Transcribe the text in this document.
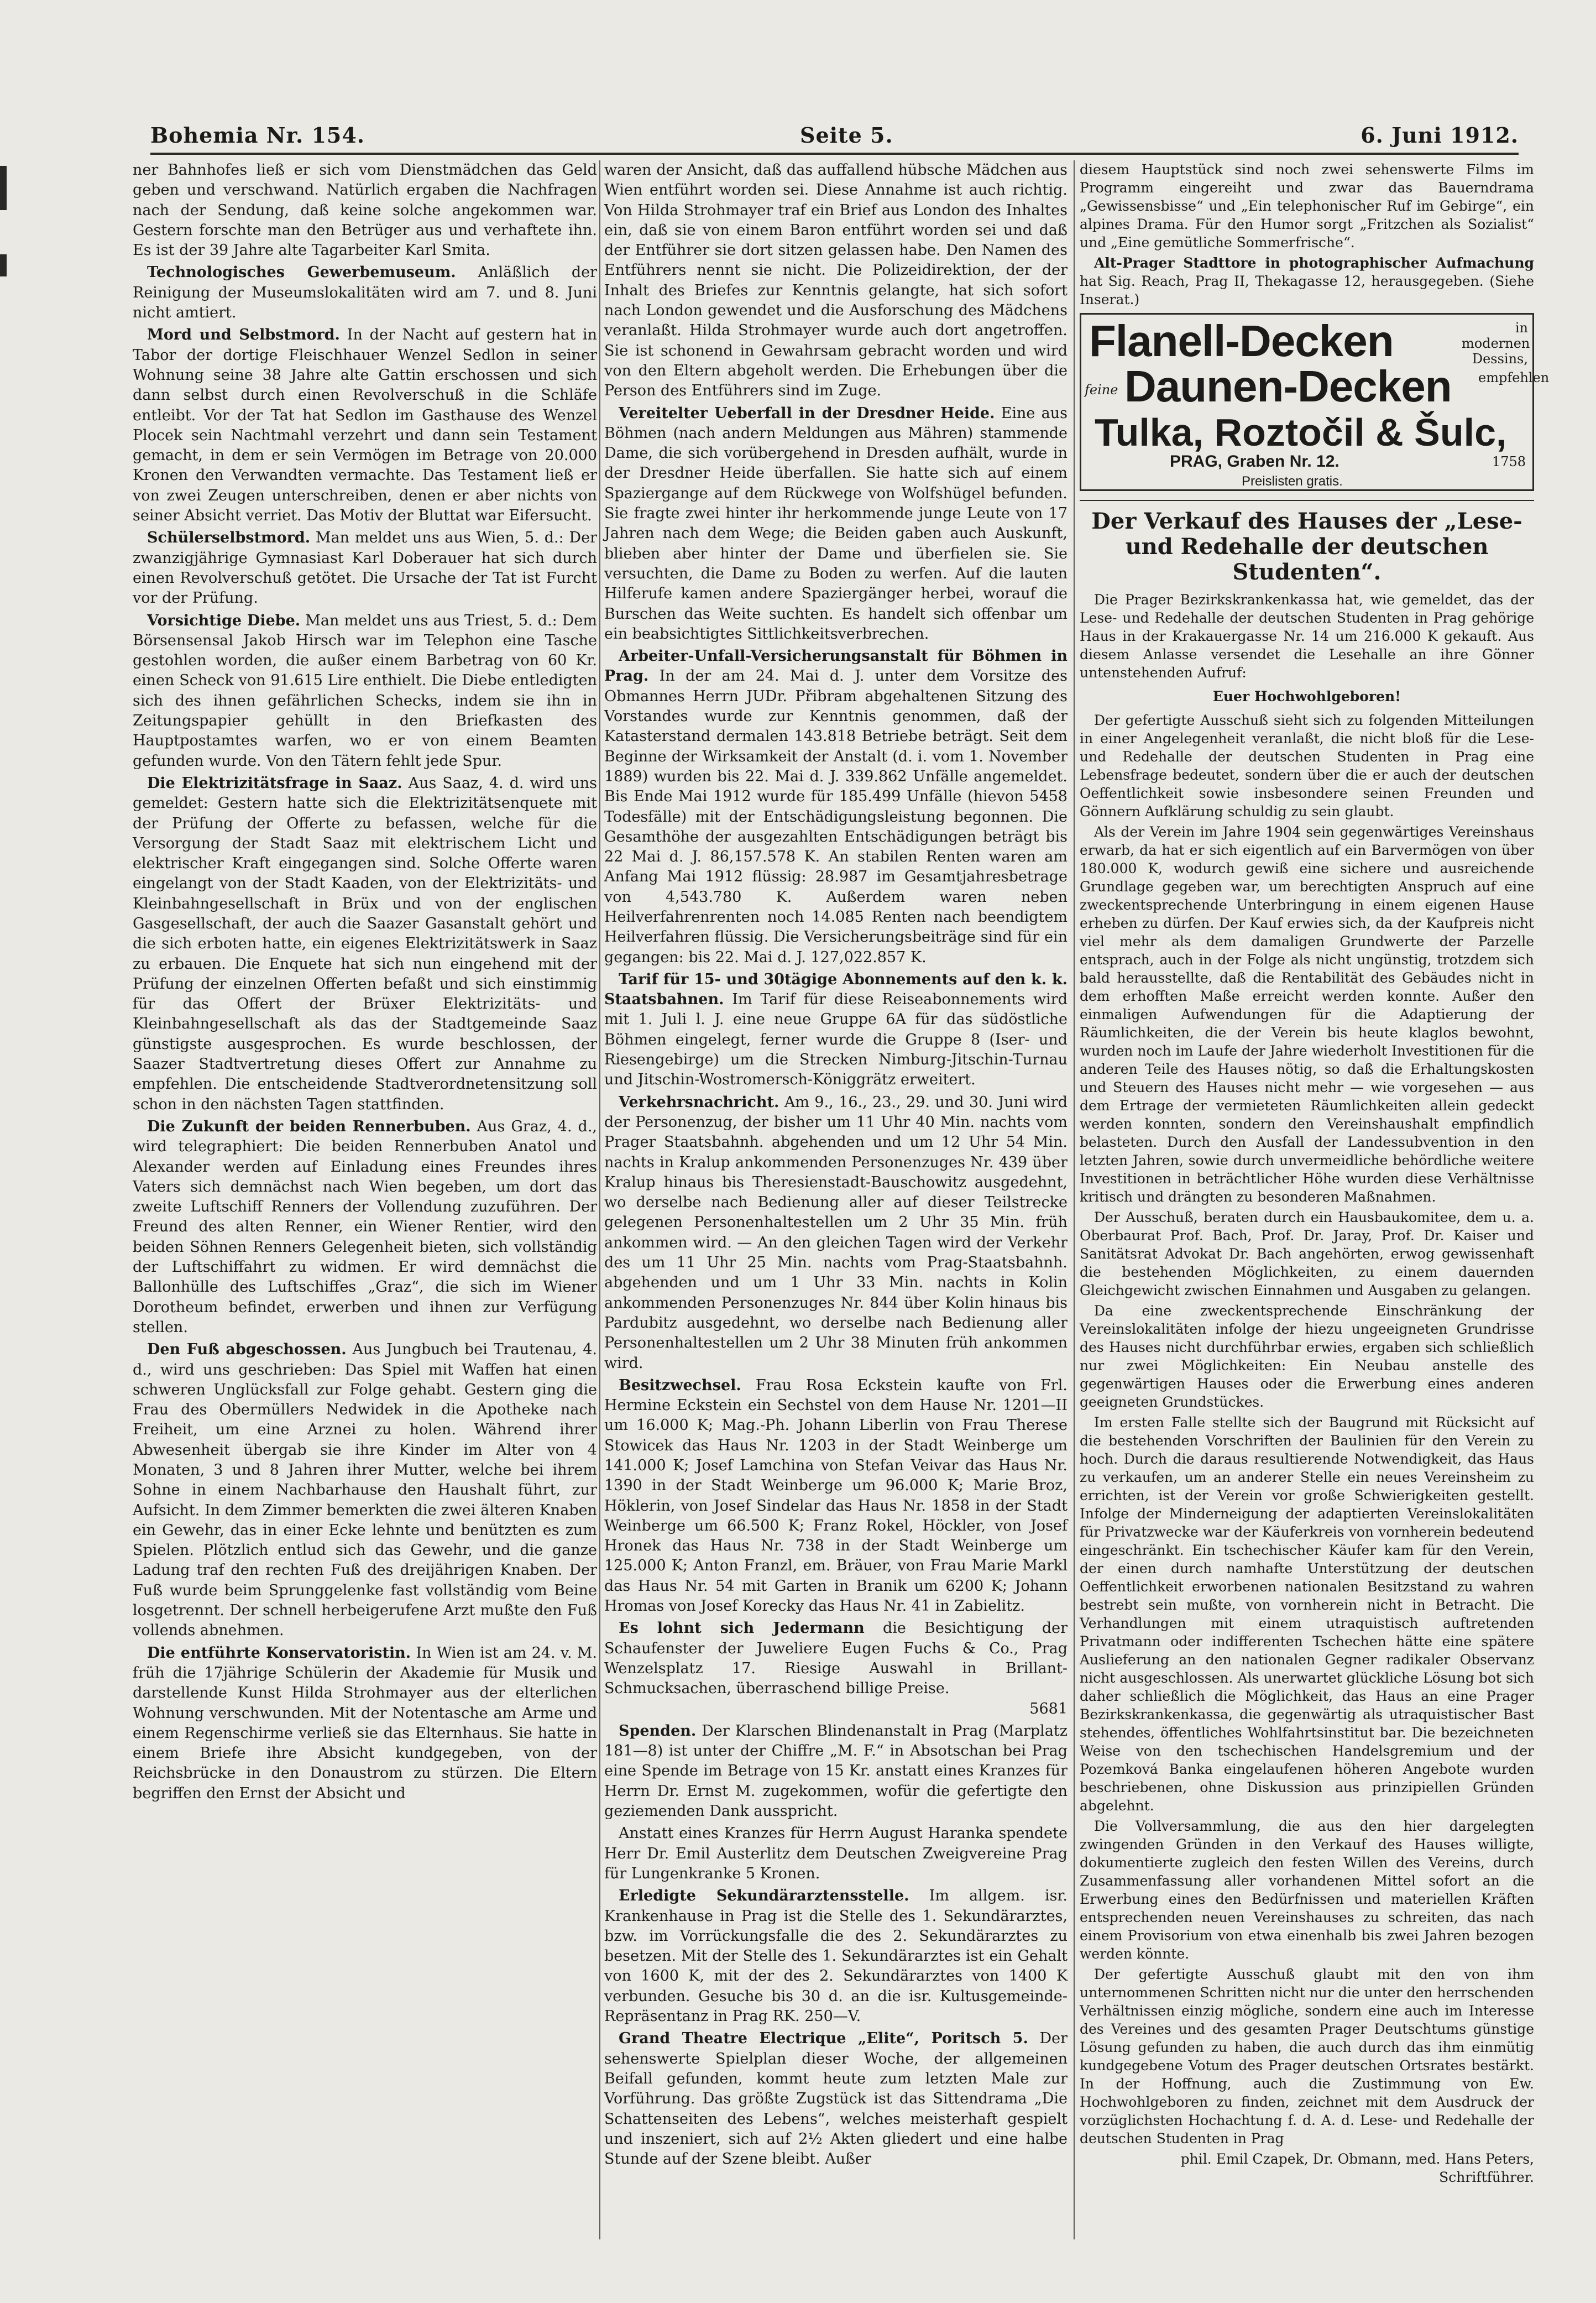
Bohemia Nr. 154.	Seite 5.	6. Juni 1912.

ner Bahnhofes ließ er sich vom Dienstmädchen das Geld geben und verschwand. Natürlich ergaben die Nachfragen nach der Sendung, daß keine solche angekommen war. Gestern forschte man den Betrüger aus und verhaftete ihn. Es ist der 39 Jahre alte Tagarbeiter Karl Smita.

Technologisches Gewerbemuseum. Anläßlich der Reinigung der Museumslokalitäten wird am 7. und 8. Juni nicht amtiert.

Mord und Selbstmord. In der Nacht auf gestern hat in Tabor der dortige Fleischhauer Wenzel Sedlon in seiner Wohnung seine 38 Jahre alte Gattin erschossen und sich dann selbst durch einen Revolverschuß in die Schläfe entleibt. Vor der Tat hat Sedlon im Gasthause des Wenzel Plocek sein Nachtmahl verzehrt und dann sein Testament gemacht, in dem er sein Vermögen im Betrage von 20.000 Kronen den Verwandten vermachte. Das Testament ließ er von zwei Zeugen unterschreiben, denen er aber nichts von seiner Absicht verriet. Das Motiv der Bluttat war Eifersucht.

Schülerselbstmord. Man meldet uns aus Wien, 5. d.: Der zwanzigjährige Gymnasiast Karl Doberauer hat sich durch einen Revolverschuß getötet. Die Ursache der Tat ist Furcht vor der Prüfung.

Vorsichtige Diebe. Man meldet uns aus Triest, 5. d.: Dem Börsensensal Jakob Hirsch war im Telephon eine Tasche gestohlen worden, die außer einem Barbetrag von 60 Kr. einen Scheck von 91.615 Lire enthielt. Die Diebe entledigten sich des ihnen gefährlichen Schecks, indem sie ihn in Zeitungspapier gehüllt in den Briefkasten des Hauptpostamtes warfen, wo er von einem Beamten gefunden wurde. Von den Tätern fehlt jede Spur.

Die Elektrizitätsfrage in Saaz. Aus Saaz, 4. d. wird uns gemeldet: Gestern hatte sich die Elektrizitätsenquete mit der Prüfung der Offerte zu befassen, welche für die Versorgung der Stadt Saaz mit elektrischem Licht und elektrischer Kraft eingegangen sind. Solche Offerte waren eingelangt von der Stadt Kaaden, von der Elektrizitäts- und Kleinbahngesellschaft in Brüx und von der englischen Gasgesellschaft, der auch die Saazer Gasanstalt gehört und die sich erboten hatte, ein eigenes Elektrizitätswerk in Saaz zu erbauen. Die Enquete hat sich nun eingehend mit der Prüfung der einzelnen Offerten befaßt und sich einstimmig für das Offert der Brüxer Elektrizitäts- und Kleinbahngesellschaft als das der Stadtgemeinde Saaz günstigste ausgesprochen. Es wurde beschlossen, der Saazer Stadtvertretung dieses Offert zur Annahme zu empfehlen. Die entscheidende Stadtverordnetensitzung soll schon in den nächsten Tagen stattfinden.

Die Zukunft der beiden Rennerbuben. Aus Graz, 4. d., wird telegraphiert: Die beiden Rennerbuben Anatol und Alexander werden auf Einladung eines Freundes ihres Vaters sich demnächst nach Wien begeben, um dort das zweite Luftschiff Renners der Vollendung zuzuführen. Der Freund des alten Renner, ein Wiener Rentier, wird den beiden Söhnen Renners Gelegenheit bieten, sich vollständig der Luftschiffahrt zu widmen. Er wird demnächst die Ballonhülle des Luftschiffes „Graz“, die sich im Wiener Dorotheum befindet, erwerben und ihnen zur Verfügung stellen.

Den Fuß abgeschossen. Aus Jungbuch bei Trautenau, 4. d., wird uns geschrieben: Das Spiel mit Waffen hat einen schweren Unglücksfall zur Folge gehabt. Gestern ging die Frau des Obermüllers Nedwidek in die Apotheke nach Freiheit, um eine Arznei zu holen. Während ihrer Abwesenheit übergab sie ihre Kinder im Alter von 4 Monaten, 3 und 8 Jahren ihrer Mutter, welche bei ihrem Sohne in einem Nachbarhause den Haushalt führt, zur Aufsicht. In dem Zimmer bemerkten die zwei älteren Knaben ein Gewehr, das in einer Ecke lehnte und benützten es zum Spielen. Plötzlich entlud sich das Gewehr, und die ganze Ladung traf den rechten Fuß des dreijährigen Knaben. Der Fuß wurde beim Sprunggelenke fast vollständig vom Beine losgetrennt. Der schnell herbeigerufene Arzt mußte den Fuß vollends abnehmen.

Die entführte Konservatoristin. In Wien ist am 24. v. M. früh die 17jährige Schülerin der Akademie für Musik und darstellende Kunst Hilda Strohmayer aus der elterlichen Wohnung verschwunden. Mit der Notentasche am Arme und einem Regenschirme verließ sie das Elternhaus. Sie hatte in einem Briefe ihre Absicht kundgegeben, von der Reichsbrücke in den Donaustrom zu stürzen. Die Eltern begriffen den Ernst der Absicht und

waren der Ansicht, daß das auffallend hübsche Mädchen aus Wien entführt worden sei. Diese Annahme ist auch richtig. Von Hilda Strohmayer traf ein Brief aus London des Inhaltes ein, daß sie von einem Baron entführt worden sei und daß der Entführer sie dort sitzen gelassen habe. Den Namen des Entführers nennt sie nicht. Die Polizeidirektion, der der Inhalt des Briefes zur Kenntnis gelangte, hat sich sofort nach London gewendet und die Ausforschung des Mädchens veranlaßt. Hilda Strohmayer wurde auch dort angetroffen. Sie ist schonend in Gewahrsam gebracht worden und wird von den Eltern abgeholt werden. Die Erhebungen über die Person des Entführers sind im Zuge.

Vereitelter Ueberfall in der Dresdner Heide. Eine aus Böhmen (nach andern Meldungen aus Mähren) stammende Dame, die sich vorübergehend in Dresden aufhält, wurde in der Dresdner Heide überfallen. Sie hatte sich auf einem Spaziergange auf dem Rückwege von Wolfshügel befunden. Sie fragte zwei hinter ihr herkommende junge Leute von 17 Jahren nach dem Wege; die Beiden gaben auch Auskunft, blieben aber hinter der Dame und überfielen sie. Sie versuchten, die Dame zu Boden zu werfen. Auf die lauten Hilferufe kamen andere Spaziergänger herbei, worauf die Burschen das Weite suchten. Es handelt sich offenbar um ein beabsichtigtes Sittlichkeitsverbrechen.

Arbeiter-Unfall-Versicherungsanstalt für Böhmen in Prag. In der am 24. Mai d. J. unter dem Vorsitze des Obmannes Herrn JUDr. Přibram abgehaltenen Sitzung des Vorstandes wurde zur Kenntnis genommen, daß der Katasterstand dermalen 143.818 Betriebe beträgt. Seit dem Beginne der Wirksamkeit der Anstalt (d. i. vom 1. November 1889) wurden bis 22. Mai d. J. 339.862 Unfälle angemeldet. Bis Ende Mai 1912 wurde für 185.499 Unfälle (hievon 5458 Todesfälle) mit der Entschädigungsleistung begonnen. Die Gesamthöhe der ausgezahlten Entschädigungen beträgt bis 22 Mai d. J. 86,157.578 K. An stabilen Renten waren am Anfang Mai 1912 flüssig: 28.987 im Gesamtjahresbetrage von 4,543.780 K. Außerdem waren neben Heilverfahrenrenten noch 14.085 Renten nach beendigtem Heilverfahren flüssig. Die Versicherungsbeiträge sind für ein gegangen: bis 22. Mai d. J. 127,022.857 K.

Tarif für 15- und 30tägige Abonnements auf den k. k. Staatsbahnen. Im Tarif für diese Reiseabonnements wird mit 1. Juli l. J. eine neue Gruppe 6A für das südöstliche Böhmen eingelegt, ferner wurde die Gruppe 8 (Iser- und Riesengebirge) um die Strecken Nimburg-Jitschin-Turnau und Jitschin-Wostromersch-Königgrätz erweitert.

Verkehrsnachricht. Am 9., 16., 23., 29. und 30. Juni wird der Personenzug, der bisher um 11 Uhr 40 Min. nachts vom Prager Staatsbahnh. abgehenden und um 12 Uhr 54 Min. nachts in Kralup ankommenden Personenzuges Nr. 439 über Kralup hinaus bis Theresienstadt-Bauschowitz ausgedehnt, wo derselbe nach Bedienung aller auf dieser Teilstrecke gelegenen Personenhaltestellen um 2 Uhr 35 Min. früh ankommen wird. — An den gleichen Tagen wird der Verkehr des um 11 Uhr 25 Min. nachts vom Prag-Staatsbahnh. abgehenden und um 1 Uhr 33 Min. nachts in Kolin ankommenden Personenzuges Nr. 844 über Kolin hinaus bis Pardubitz ausgedehnt, wo derselbe nach Bedienung aller Personenhaltestellen um 2 Uhr 38 Minuten früh ankommen wird.

Besitzwechsel. Frau Rosa Eckstein kaufte von Frl. Hermine Eckstein ein Sechstel von dem Hause Nr. 1201—II um 16.000 K; Mag.-Ph. Johann Liberlin von Frau Therese Stowicek das Haus Nr. 1203 in der Stadt Weinberge um 141.000 K; Josef Lamchina von Stefan Veivar das Haus Nr. 1390 in der Stadt Weinberge um 96.000 K; Marie Broz, Höklerin, von Josef Sindelar das Haus Nr. 1858 in der Stadt Weinberge um 66.500 K; Franz Rokel, Höckler, von Josef Hronek das Haus Nr. 738 in der Stadt Weinberge um 125.000 K; Anton Franzl, em. Bräuer, von Frau Marie Markl das Haus Nr. 54 mit Garten in Branik um 6200 K; Johann Hromas von Josef Korecky das Haus Nr. 41 in Zabielitz.

Es lohnt sich Jedermann die Besichtigung der Schaufenster der Juweliere Eugen Fuchs & Co., Prag Wenzelsplatz 17. Riesige Auswahl in Brillant-Schmucksachen, überraschend billige Preise.
5681

Spenden. Der Klarschen Blindenanstalt in Prag (Marplatz 181—8) ist unter der Chiffre „M. F.“ in Absotschan bei Prag eine Spende im Betrage von 15 Kr. anstatt eines Kranzes für Herrn Dr. Ernst M. zugekommen, wofür die gefertigte den geziemenden Dank ausspricht.

Anstatt eines Kranzes für Herrn August Haranka spendete Herr Dr. Emil Austerlitz dem Deutschen Zweigvereine Prag für Lungenkranke 5 Kronen.

Erledigte Sekundärarztensstelle. Im allgem. isr. Krankenhause in Prag ist die Stelle des 1. Sekundärarztes, bzw. im Vorrückungsfalle die des 2. Sekundärarztes zu besetzen. Mit der Stelle des 1. Sekundärarztes ist ein Gehalt von 1600 K, mit der des 2. Sekundärarztes von 1400 K verbunden. Gesuche bis 30 d. an die isr. Kultusgemeinde-Repräsentanz in Prag RK. 250—V.

Grand Theatre Electrique „Elite“, Poritsch 5. Der sehenswerte Spielplan dieser Woche, der allgemeinen Beifall gefunden, kommt heute zum letzten Male zur Vorführung. Das größte Zugstück ist das Sittendrama „Die Schattenseiten des Lebens“, welches meisterhaft gespielt und inszeniert, sich auf 2½ Akten gliedert und eine halbe Stunde auf der Szene bleibt. Außer

diesem Hauptstück sind noch zwei sehenswerte Films im Programm eingereiht und zwar das Bauerndrama „Gewissensbisse“ und „Ein telephonischer Ruf im Gebirge“, ein alpines Drama. Für den Humor sorgt „Fritzchen als Sozialist“ und „Eine gemütliche Sommerfrische“.

Alt-Prager Stadttore in photographischer Aufmachung hat Sig. Reach, Prag II, Thekagasse 12, herausgegeben. (Siehe Inserat.)

Flanell-Decken	in modernen Dessins,
feine Daunen-Decken empfehlen
Tulka, Roztočil & Šulc,
PRAG, Graben Nr. 12.	1758
Preislisten gratis.
Der Verkauf des Hauses der „Lese- und Redehalle der deutschen Studenten“.

Die Prager Bezirkskrankenkassa hat, wie gemeldet, das der Lese- und Redehalle der deutschen Studenten in Prag gehörige Haus in der Krakauergasse Nr. 14 um 216.000 K gekauft. Aus diesem Anlasse versendet die Lesehalle an ihre Gönner untenstehenden Aufruf:

Euer Hochwohlgeboren!

Der gefertigte Ausschuß sieht sich zu folgenden Mitteilungen in einer Angelegenheit veranlaßt, die nicht bloß für die Lese- und Redehalle der deutschen Studenten in Prag eine Lebensfrage bedeutet, sondern über die er auch der deutschen Oeffentlichkeit sowie insbesondere seinen Freunden und Gönnern Aufklärung schuldig zu sein glaubt.

Als der Verein im Jahre 1904 sein gegenwärtiges Vereinshaus erwarb, da hat er sich eigentlich auf ein Barvermögen von über 180.000 K, wodurch gewiß eine sichere und ausreichende Grundlage gegeben war, um berechtigten Anspruch auf eine zweckentsprechende Unterbringung in einem eigenen Hause erheben zu dürfen. Der Kauf erwies sich, da der Kaufpreis nicht viel mehr als dem damaligen Grundwerte der Parzelle entsprach, auch in der Folge als nicht ungünstig, trotzdem sich bald herausstellte, daß die Rentabilität des Gebäudes nicht in dem erhofften Maße erreicht werden konnte. Außer den einmaligen Aufwendungen für die Adaptierung der Räumlichkeiten, die der Verein bis heute klaglos bewohnt, wurden noch im Laufe der Jahre wiederholt Investitionen für die anderen Teile des Hauses nötig, so daß die Erhaltungskosten und Steuern des Hauses nicht mehr — wie vorgesehen — aus dem Ertrage der vermieteten Räumlichkeiten allein gedeckt werden konnten, sondern den Vereinshaushalt empfindlich belasteten. Durch den Ausfall der Landessubvention in den letzten Jahren, sowie durch unvermeidliche behördliche weitere Investitionen in beträchtlicher Höhe wurden diese Verhältnisse kritisch und drängten zu besonderen Maßnahmen.

Der Ausschuß, beraten durch ein Hausbaukomitee, dem u. a. Oberbaurat Prof. Bach, Prof. Dr. Jaray, Prof. Dr. Kaiser und Sanitätsrat Advokat Dr. Bach angehörten, erwog gewissenhaft die bestehenden Möglichkeiten, zu einem dauernden Gleichgewicht zwischen Einnahmen und Ausgaben zu gelangen.

Da eine zweckentsprechende Einschränkung der Vereinslokalitäten infolge der hiezu ungeeigneten Grundrisse des Hauses nicht durchführbar erwies, ergaben sich schließlich nur zwei Möglichkeiten: Ein Neubau anstelle des gegenwärtigen Hauses oder die Erwerbung eines anderen geeigneten Grundstückes.

Im ersten Falle stellte sich der Baugrund mit Rücksicht auf die bestehenden Vorschriften der Baulinien für den Verein zu hoch. Durch die daraus resultierende Notwendigkeit, das Haus zu verkaufen, um an anderer Stelle ein neues Vereinsheim zu errichten, ist der Verein vor große Schwierigkeiten gestellt. Infolge der Minderneigung der adaptierten Vereinslokalitäten für Privatzwecke war der Käuferkreis von vornherein bedeutend eingeschränkt. Ein tschechischer Käufer kam für den Verein, der einen durch namhafte Unterstützung der deutschen Oeffentlichkeit erworbenen nationalen Besitzstand zu wahren bestrebt sein mußte, von vornherein nicht in Betracht. Die Verhandlungen mit einem utraquistisch auftretenden Privatmann oder indifferenten Tschechen hätte eine spätere Auslieferung an den nationalen Gegner radikaler Observanz nicht ausgeschlossen. Als unerwartet glückliche Lösung bot sich daher schließlich die Möglichkeit, das Haus an eine Prager Bezirkskrankenkassa, die gegenwärtig als utraquistischer Bast stehendes, öffentliches Wohlfahrtsinstitut bar. Die bezeichneten Weise von den tschechischen Handelsgremium und der Pozemková Banka eingelaufenen höheren Angebote wurden beschriebenen, ohne Diskussion aus prinzipiellen Gründen abgelehnt.

Die Vollversammlung, die aus den hier dargelegten zwingenden Gründen in den Verkauf des Hauses willigte, dokumentierte zugleich den festen Willen des Vereins, durch Zusammenfassung aller vorhandenen Mittel sofort an die Erwerbung eines den Bedürfnissen und materiellen Kräften entsprechenden neuen Vereinshauses zu schreiten, das nach einem Provisorium von etwa einenhalb bis zwei Jahren bezogen werden könnte.

Der gefertigte Ausschuß glaubt mit den von ihm unternommenen Schritten nicht nur die unter den herrschenden Verhältnissen einzig mögliche, sondern eine auch im Interesse des Vereines und des gesamten Prager Deutschtums günstige Lösung gefunden zu haben, die auch durch das ihm einmütig kundgegebene Votum des Prager deutschen Ortsrates bestärkt. In der Hoffnung, auch die Zustimmung von Ew. Hochwohlgeboren zu finden, zeichnet mit dem Ausdruck der vorzüglichsten Hochachtung f. d. A. d. Lese- und Redehalle der deutschen Studenten in Prag

phil. Emil Czapek, Dr. Obmann, med. Hans Peters, Schriftführer.
